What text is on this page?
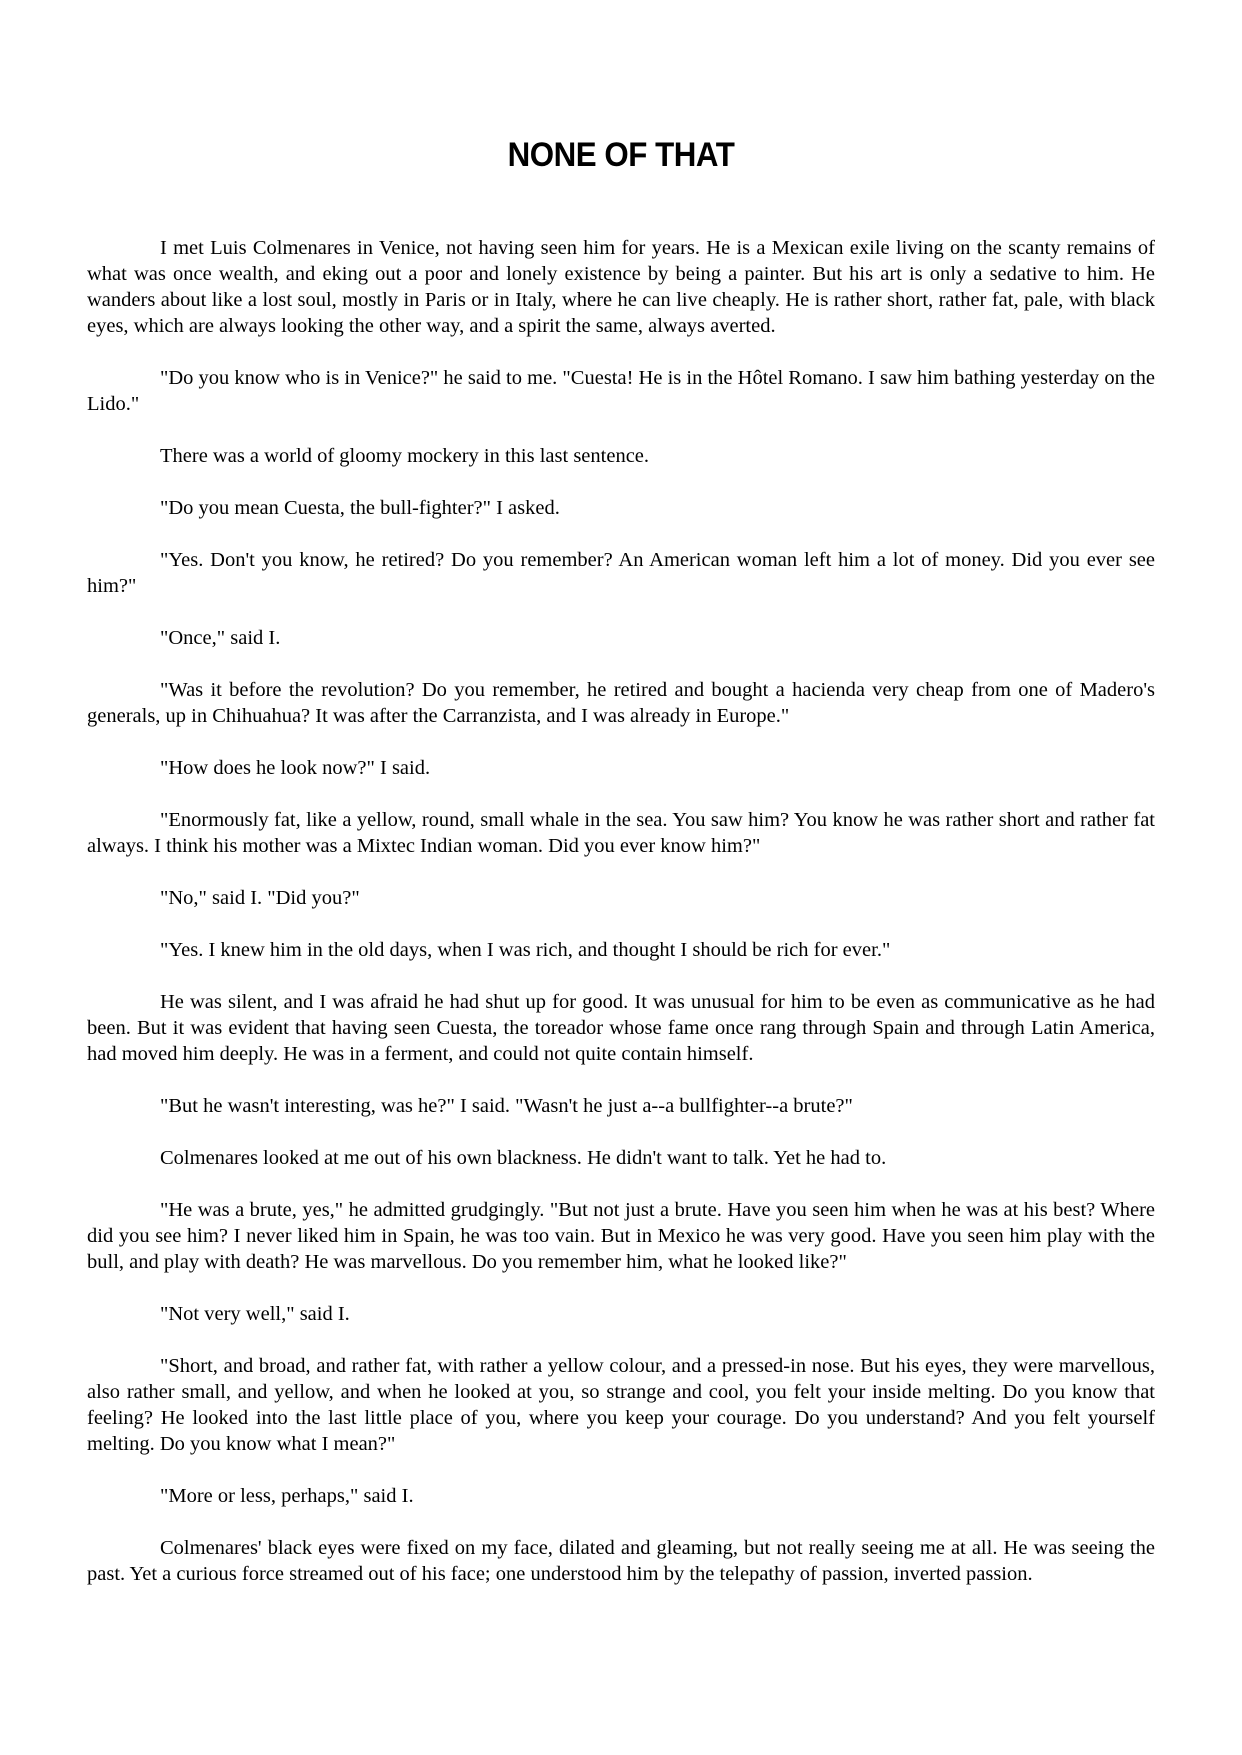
NONE OF THAT

I met Luis Colmenares in Venice, not having seen him for years. He is a Mexican exile living on the scanty remains of what was once wealth, and eking out a poor and lonely existence by being a painter. But his art is only a sedative to him. He wanders about like a lost soul, mostly in Paris or in Italy, where he can live cheaply. He is rather short, rather fat, pale, with black eyes, which are always looking the other way, and a spirit the same, always averted.

"Do you know who is in Venice?" he said to me. "Cuesta! He is in the Hôtel Romano. I saw him bathing yesterday on the Lido."

There was a world of gloomy mockery in this last sentence.

"Do you mean Cuesta, the bull-fighter?" I asked.

"Yes. Don't you know, he retired? Do you remember? An American woman left him a lot of money. Did you ever see him?"

"Once," said I.

"Was it before the revolution? Do you remember, he retired and bought a hacienda very cheap from one of Madero's generals, up in Chihuahua? It was after the Carranzista, and I was already in Europe."

"How does he look now?" I said.

"Enormously fat, like a yellow, round, small whale in the sea. You saw him? You know he was rather short and rather fat always. I think his mother was a Mixtec Indian woman. Did you ever know him?"

"No," said I. "Did you?"

"Yes. I knew him in the old days, when I was rich, and thought I should be rich for ever."

He was silent, and I was afraid he had shut up for good. It was unusual for him to be even as communicative as he had been. But it was evident that having seen Cuesta, the toreador whose fame once rang through Spain and through Latin America, had moved him deeply. He was in a ferment, and could not quite contain himself.

"But he wasn't interesting, was he?" I said. "Wasn't he just a--a bullfighter--a brute?"

Colmenares looked at me out of his own blackness. He didn't want to talk. Yet he had to.

"He was a brute, yes," he admitted grudgingly. "But not just a brute. Have you seen him when he was at his best? Where did you see him? I never liked him in Spain, he was too vain. But in Mexico he was very good. Have you seen him play with the bull, and play with death? He was marvellous. Do you remember him, what he looked like?"

"Not very well," said I.

"Short, and broad, and rather fat, with rather a yellow colour, and a pressed-in nose. But his eyes, they were marvellous, also rather small, and yellow, and when he looked at you, so strange and cool, you felt your inside melting. Do you know that feeling? He looked into the last little place of you, where you keep your courage. Do you understand? And you felt yourself melting. Do you know what I mean?"

"More or less, perhaps," said I.

Colmenares' black eyes were fixed on my face, dilated and gleaming, but not really seeing me at all. He was seeing the past. Yet a curious force streamed out of his face; one understood him by the telepathy of passion, inverted passion.
